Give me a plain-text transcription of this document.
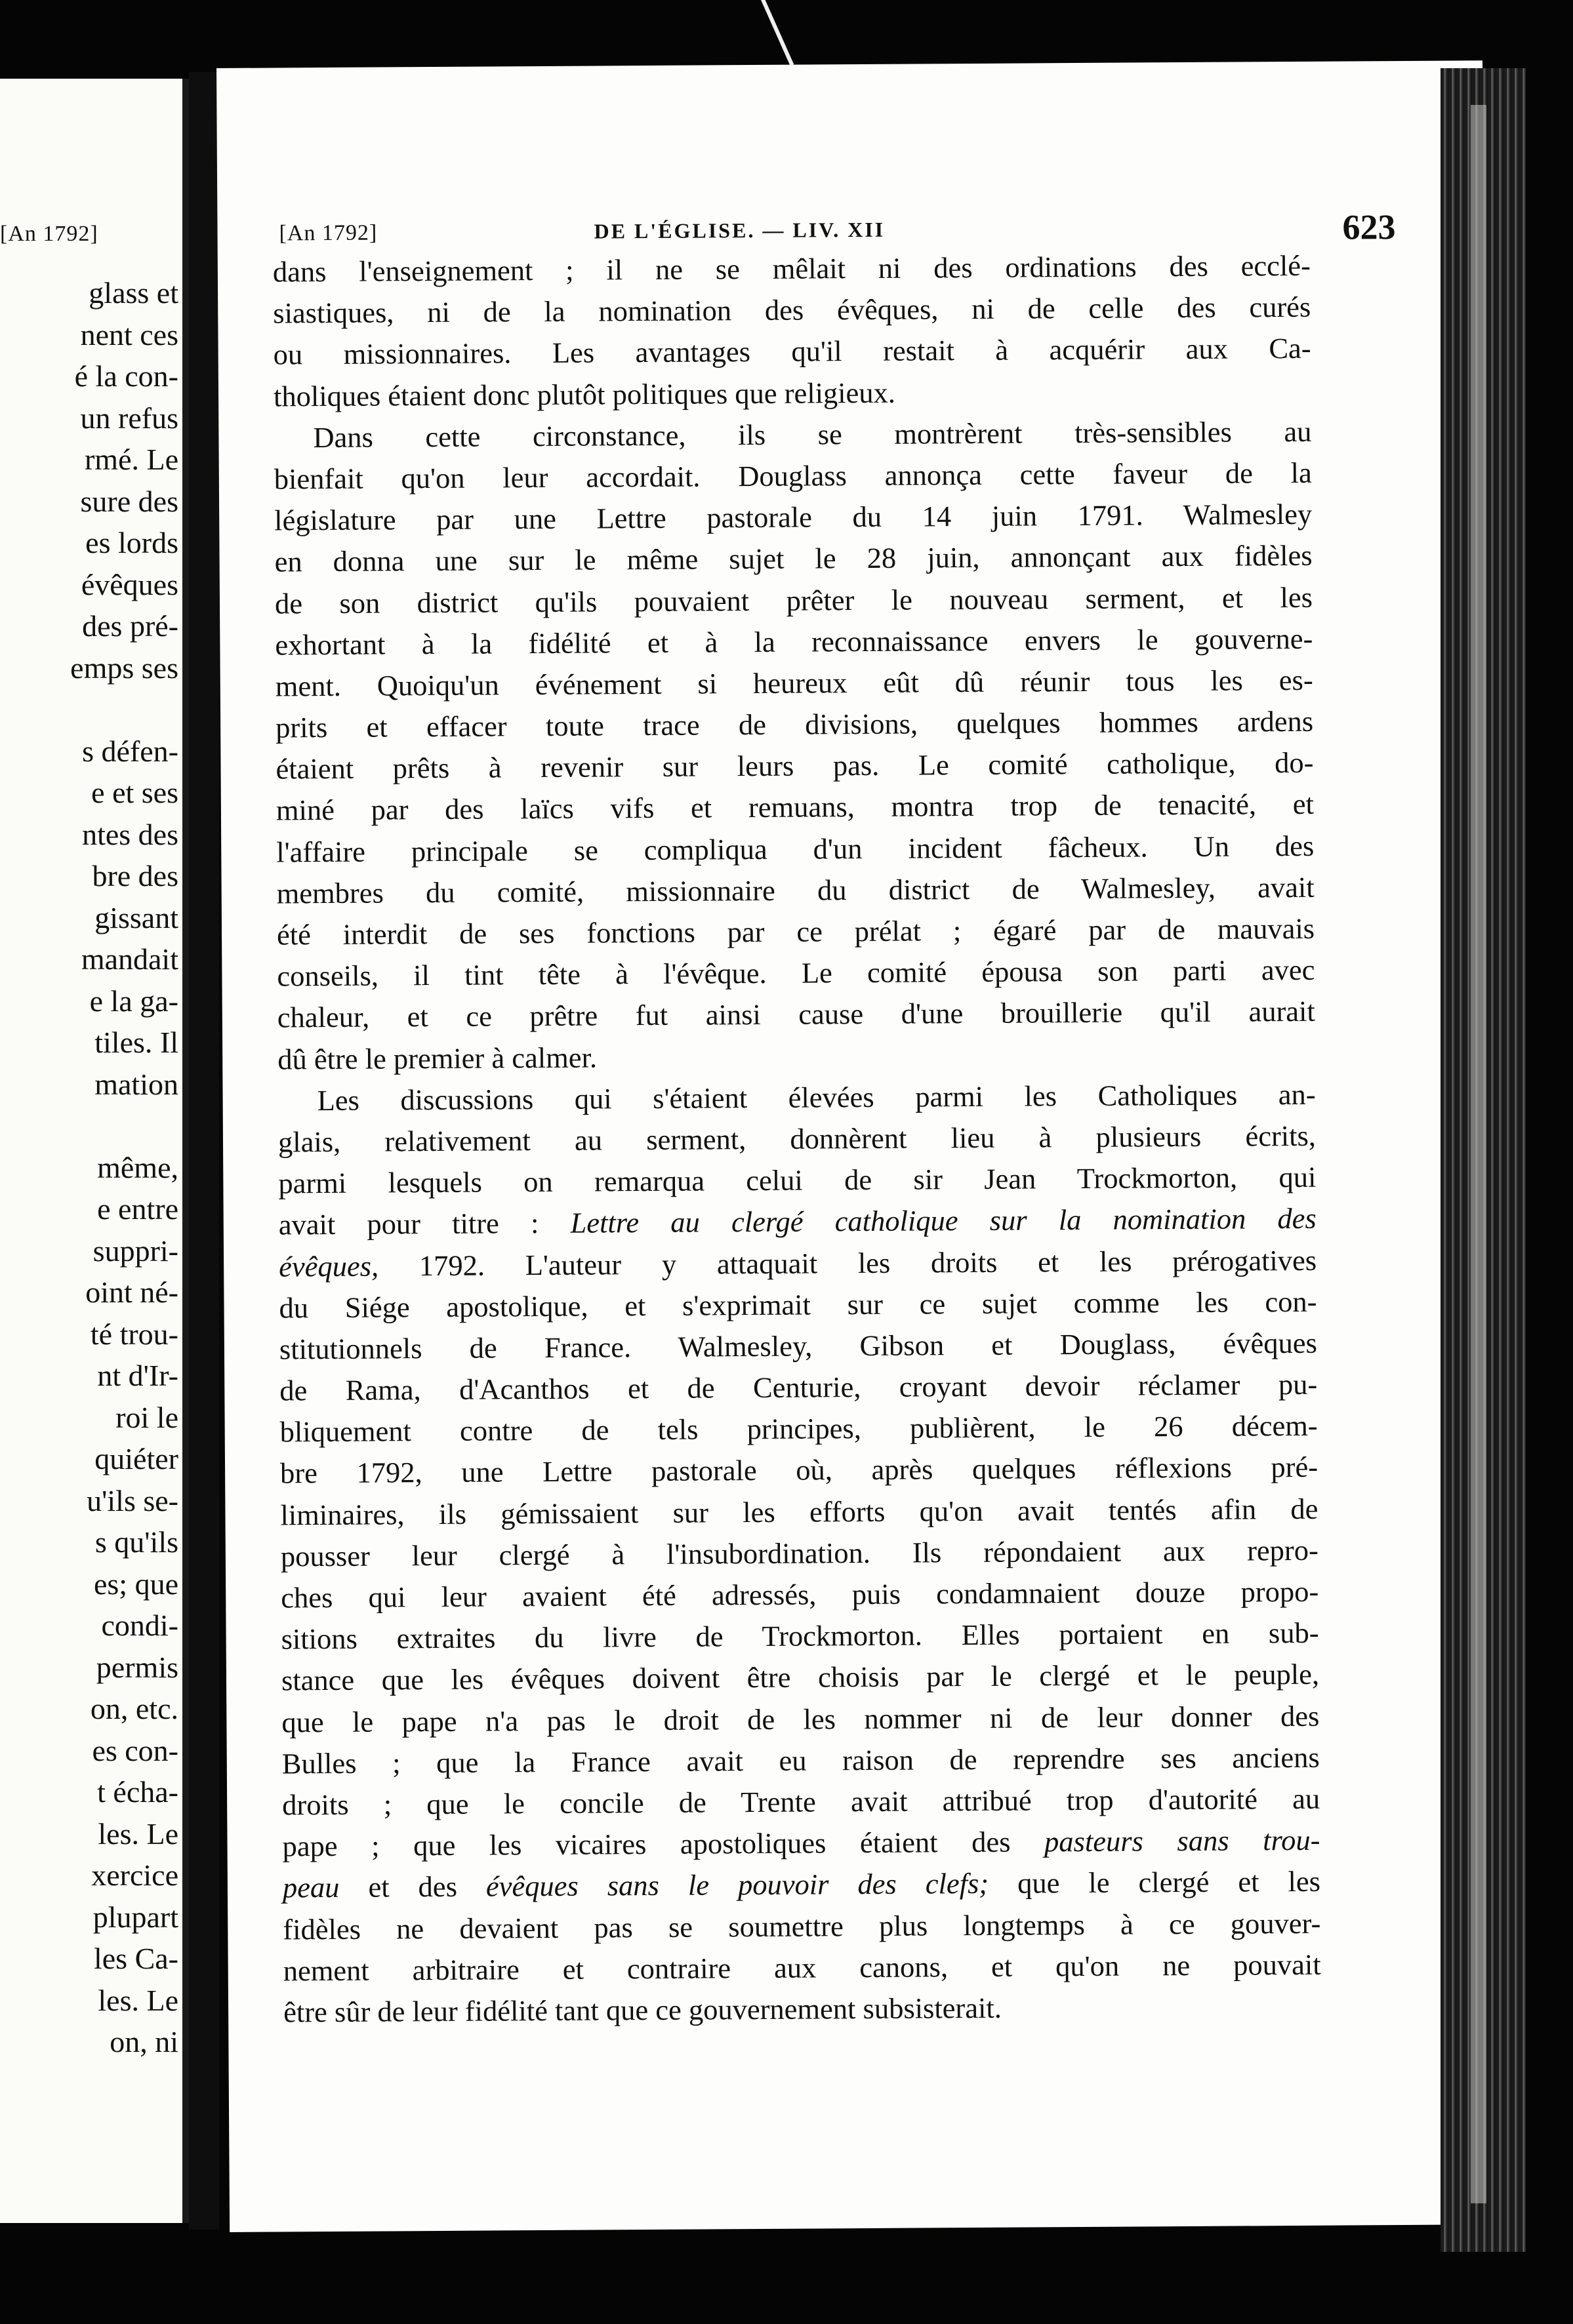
[An 1792]
glass et
nent ces
é la con-
un refus
rmé. Le
sure des
es lords
évêques
des pré-
emps ses
s défen-
e et ses
ntes des
bre des
gissant
mandait
e la ga-
tiles. Il
mation
même,
e entre
suppri-
oint né-
té trou-
nt d'Ir-
roi le
quiéter
u'ils se-
s qu'ils
es; que
condi-
permis
on, etc.
es con-
t écha-
les. Le
xercice
plupart
les Ca-
les. Le
on, ni
[An 1792]	DE L'ÉGLISE. — LIV. XII	623
dans l'enseignement ; il ne se mêlait ni des ordinations des ecclé-
siastiques, ni de la nomination des évêques, ni de celle des curés
ou missionnaires. Les avantages qu'il restait à acquérir aux Ca-
tholiques étaient donc plutôt politiques que religieux.
Dans cette circonstance, ils se montrèrent très-sensibles au
bienfait qu'on leur accordait. Douglass annonça cette faveur de la
législature par une Lettre pastorale du 14 juin 1791. Walmesley
en donna une sur le même sujet le 28 juin, annonçant aux fidèles
de son district qu'ils pouvaient prêter le nouveau serment, et les
exhortant à la fidélité et à la reconnaissance envers le gouverne-
ment. Quoiqu'un événement si heureux eût dû réunir tous les es-
prits et effacer toute trace de divisions, quelques hommes ardens
étaient prêts à revenir sur leurs pas. Le comité catholique, do-
miné par des laïcs vifs et remuans, montra trop de tenacité, et
l'affaire principale se compliqua d'un incident fâcheux. Un des
membres du comité, missionnaire du district de Walmesley, avait
été interdit de ses fonctions par ce prélat ; égaré par de mauvais
conseils, il tint tête à l'évêque. Le comité épousa son parti avec
chaleur, et ce prêtre fut ainsi cause d'une brouillerie qu'il aurait
dû être le premier à calmer.
Les discussions qui s'étaient élevées parmi les Catholiques an-
glais, relativement au serment, donnèrent lieu à plusieurs écrits,
parmi lesquels on remarqua celui de sir Jean Trockmorton, qui
avait pour titre : Lettre au clergé catholique sur la nomination des
évêques, 1792. L'auteur y attaquait les droits et les prérogatives
du Siége apostolique, et s'exprimait sur ce sujet comme les con-
stitutionnels de France. Walmesley, Gibson et Douglass, évêques
de Rama, d'Acanthos et de Centurie, croyant devoir réclamer pu-
bliquement contre de tels principes, publièrent, le 26 décem-
bre 1792, une Lettre pastorale où, après quelques réflexions pré-
liminaires, ils gémissaient sur les efforts qu'on avait tentés afin de
pousser leur clergé à l'insubordination. Ils répondaient aux repro-
ches qui leur avaient été adressés, puis condamnaient douze propo-
sitions extraites du livre de Trockmorton. Elles portaient en sub-
stance que les évêques doivent être choisis par le clergé et le peuple,
que le pape n'a pas le droit de les nommer ni de leur donner des
Bulles ; que la France avait eu raison de reprendre ses anciens
droits ; que le concile de Trente avait attribué trop d'autorité au
pape ; que les vicaires apostoliques étaient des pasteurs sans trou-
peau et des évêques sans le pouvoir des clefs; que le clergé et les
fidèles ne devaient pas se soumettre plus longtemps à ce gouver-
nement arbitraire et contraire aux canons, et qu'on ne pouvait
être sûr de leur fidélité tant que ce gouvernement subsisterait.
